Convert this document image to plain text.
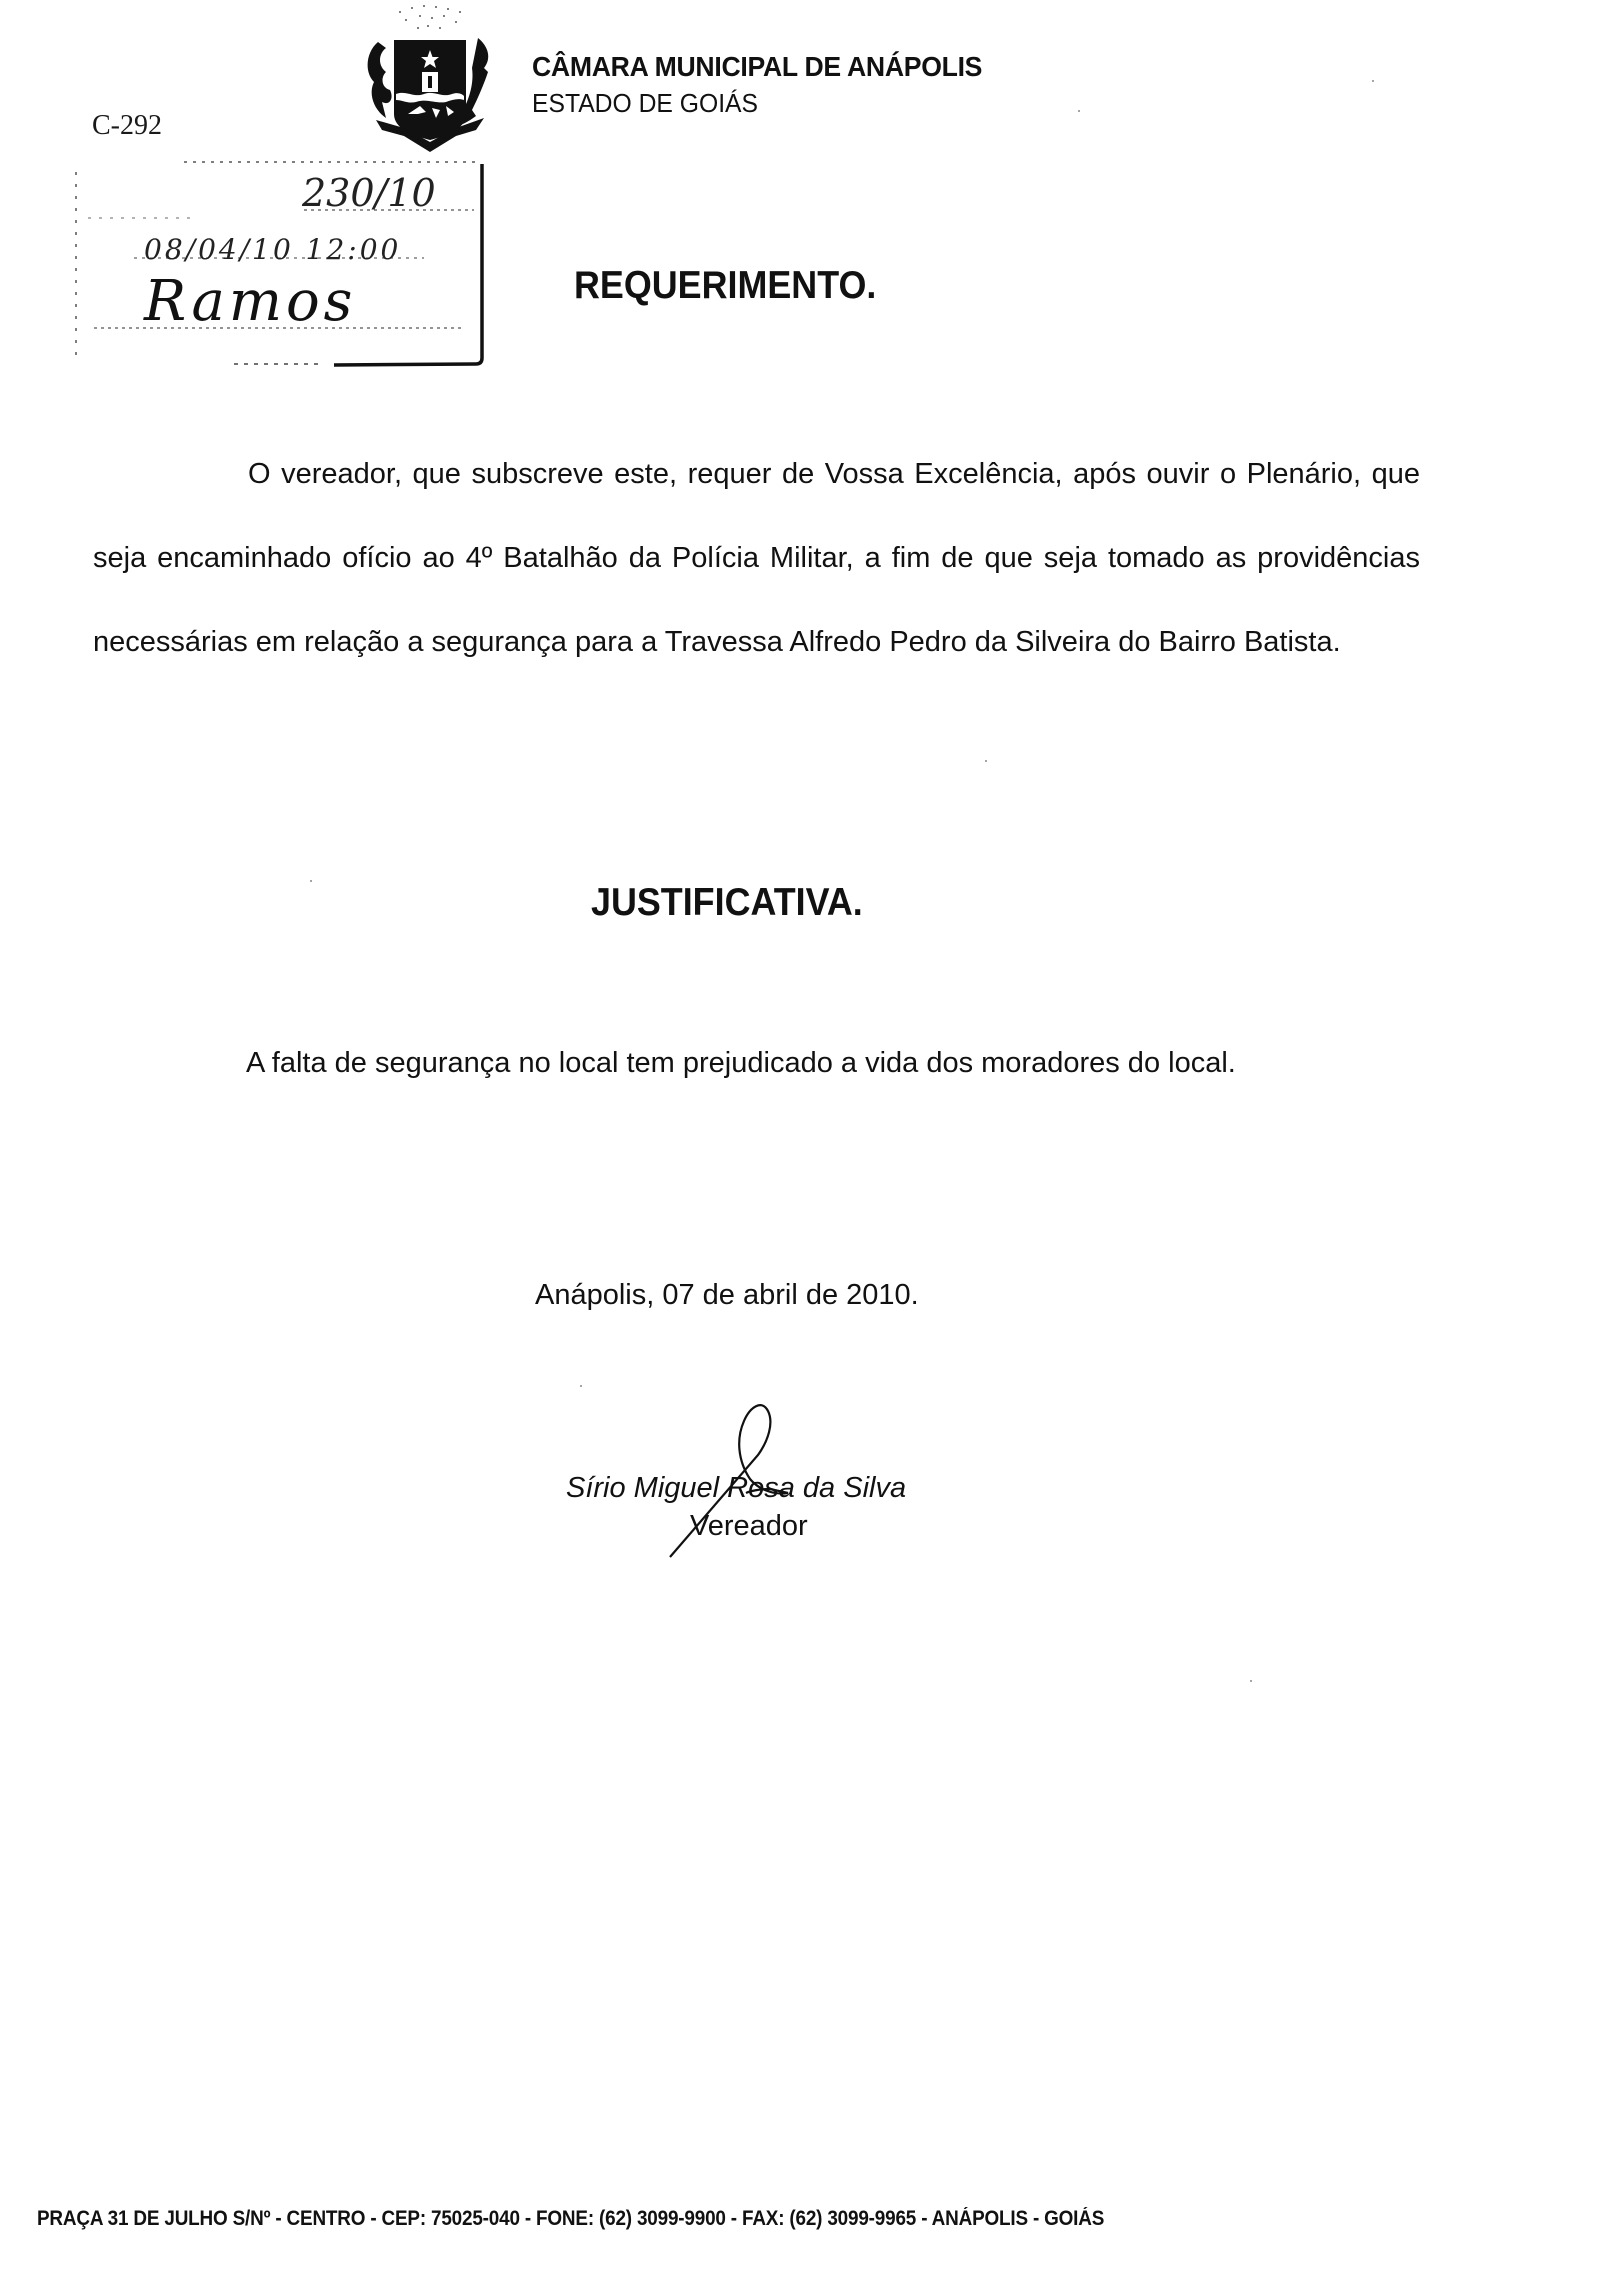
C-292
CÂMARA MUNICIPAL DE ANÁPOLIS
ESTADO DE GOIÁS
230/10
08/04/10 12:00
Ramos	REQUERIMENTO.

O vereador, que subscreve este, requer de Vossa Excelência, após ouvir o Plenário, que seja encaminhado ofício ao 4º Batalhão da Polícia Militar, a fim de que seja tomado as providências necessárias em relação a segurança para a Travessa Alfredo Pedro da Silveira do Bairro Batista.

JUSTIFICATIVA.
A falta de segurança no local tem prejudicado a vida dos moradores do local.
Anápolis, 07 de abril de 2010.
Sírio Miguel Rosa da Silva
Vereador
PRAÇA 31 DE JULHO S/Nº - CENTRO - CEP: 75025-040 - FONE: (62) 3099-9900 - FAX: (62) 3099-9965 - ANÁPOLIS - GOIÁS
